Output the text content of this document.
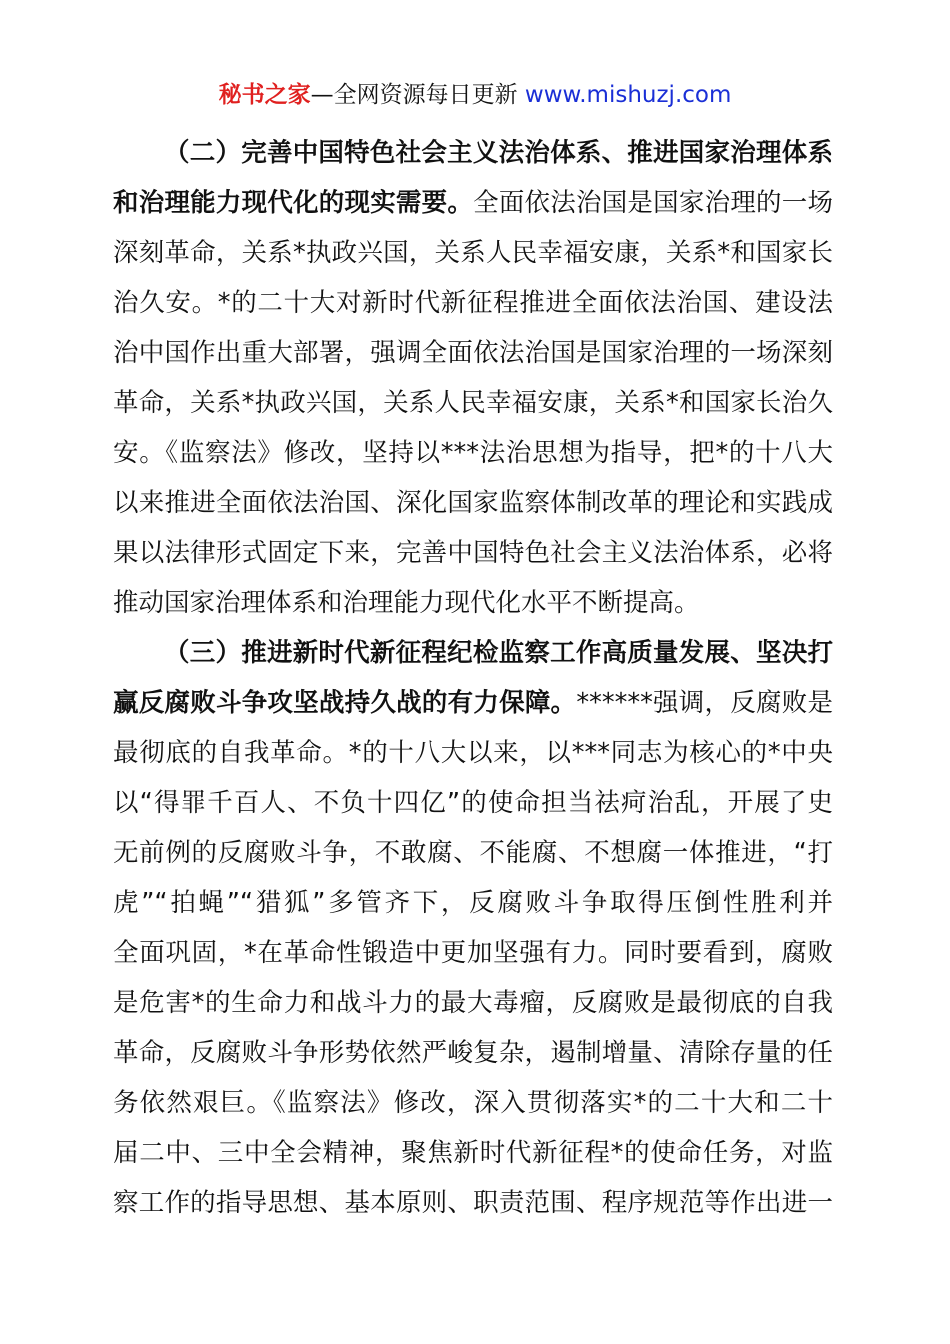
秘书之家—全网资源每日更新 www.mishuzj.com
（二）完善中国特色社会主义法治体系、推进国家治理体系
和治理能力现代化的现实需要。全面依法治国是国家治理的一场
深刻革命，关系*执政兴国，关系人民幸福安康，关系*和国家长
治久安。*的二十大对新时代新征程推进全面依法治国、建设法
治中国作出重大部署，强调全面依法治国是国家治理的一场深刻
革命，关系*执政兴国，关系人民幸福安康，关系*和国家长治久
安。《监察法》修改，坚持以***法治思想为指导，把*的十八大
以来推进全面依法治国、深化国家监察体制改革的理论和实践成
果以法律形式固定下来，完善中国特色社会主义法治体系，必将
推动国家治理体系和治理能力现代化水平不断提高。
（三）推进新时代新征程纪检监察工作高质量发展、坚决打
赢反腐败斗争攻坚战持久战的有力保障。******强调，反腐败是
最彻底的自我革命。*的十八大以来，以***同志为核心的*中央
以“得罪千百人、不负十四亿”的使命担当祛疴治乱，开展了史
无前例的反腐败斗争，不敢腐、不能腐、不想腐一体推进，“打
虎”“拍蝇”“猎狐”多管齐下，反腐败斗争取得压倒性胜利并
全面巩固，*在革命性锻造中更加坚强有力。同时要看到，腐败
是危害*的生命力和战斗力的最大毒瘤，反腐败是最彻底的自我
革命，反腐败斗争形势依然严峻复杂，遏制增量、清除存量的任
务依然艰巨。《监察法》修改，深入贯彻落实*的二十大和二十
届二中、三中全会精神，聚焦新时代新征程*的使命任务，对监
察工作的指导思想、基本原则、职责范围、程序规范等作出进一
